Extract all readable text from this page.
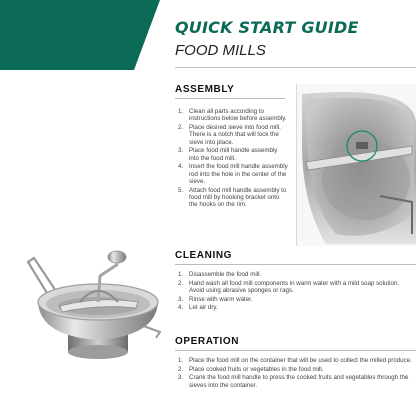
QUICK START GUIDE
FOOD MILLS
ASSEMBLY
1. Clean all parts according to instructions below before assembly.
2. Place desired sieve into food mill. There is a notch that will lock the sieve into place.
3. Place food mill handle assembly into the food mill.
4. Insert the food mill handle assembly rod into the hole in the center of the sieve.
5. Attach food mill handle assembly to food mill by hooking bracket onto the hooks on the rim.
CLEANING
1. Disassemble the food mill.
2. Hand wash all food mill components in warm water with a mild soap solution. Avoid using abrasive sponges or rags.
3. Rinse with warm water.
4. Let air dry.
OPERATION
1. Place the food mill on the container that will be used to collect the milled produce.
2. Place cooked fruits or vegetables in the food mill.
3. Crank the food mill handle to press the cooked fruits and vegetables through the sieves into the container.
